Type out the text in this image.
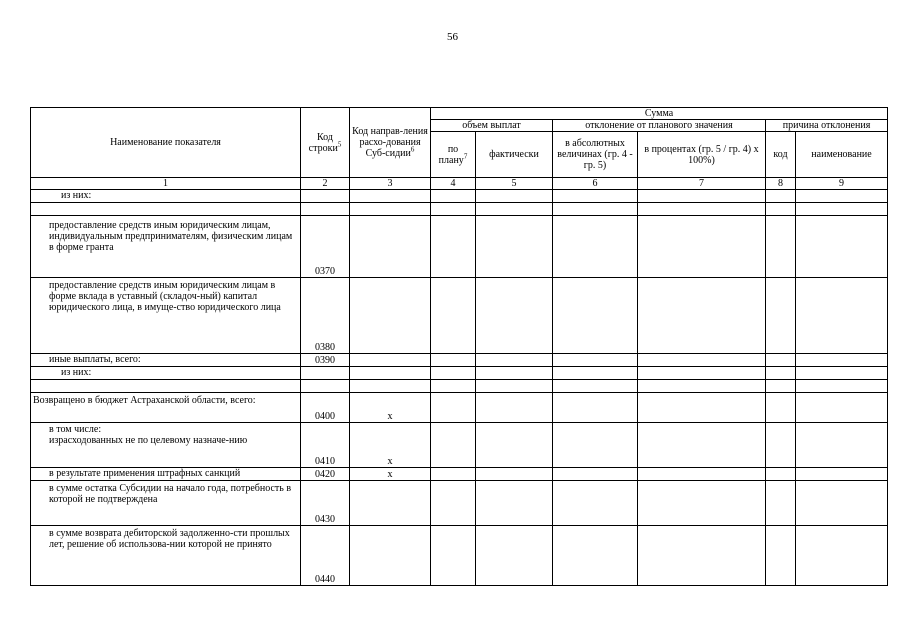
56
Наименование показателя	Код строки$^5$	Код направ-ления расхо-дования Суб-сидии$^6$	Сумма					
			объем выплат		отклонение от планового значения		причина отклонения	
			по плану$^7$	фактически	в абсолютных величинах (гр. 4 - гр. 5)	в процентах (гр. 5 / гр. 4) х 100%)	код	наименование
1	2	3	4	5	6	7	8	9
из них:								

предоставление средств иным юридическим лицам, индивидуальным предпринимателям, физическим лицам в форме гранта	0370							
предоставление средств иным юридическим лицам в форме вклада в уставный (складоч-ный) капитал юридического лица, в имуще-ство юридического лица	0380							
иные выплаты, всего:	0390							
из них:								

Возвращено в бюджет Астраханской области, всего:	0400	х						

в том числе:
израсходованных не по целевому назначе-нию	0410	х						
в результате применения штрафных санкций	0420	х						
в сумме остатка Субсидии на начало года, потребность в которой не подтверждена	0430							
в сумме возврата дебиторской задолженно-сти прошлых лет, решение об использова-нии которой не принято	0440							
